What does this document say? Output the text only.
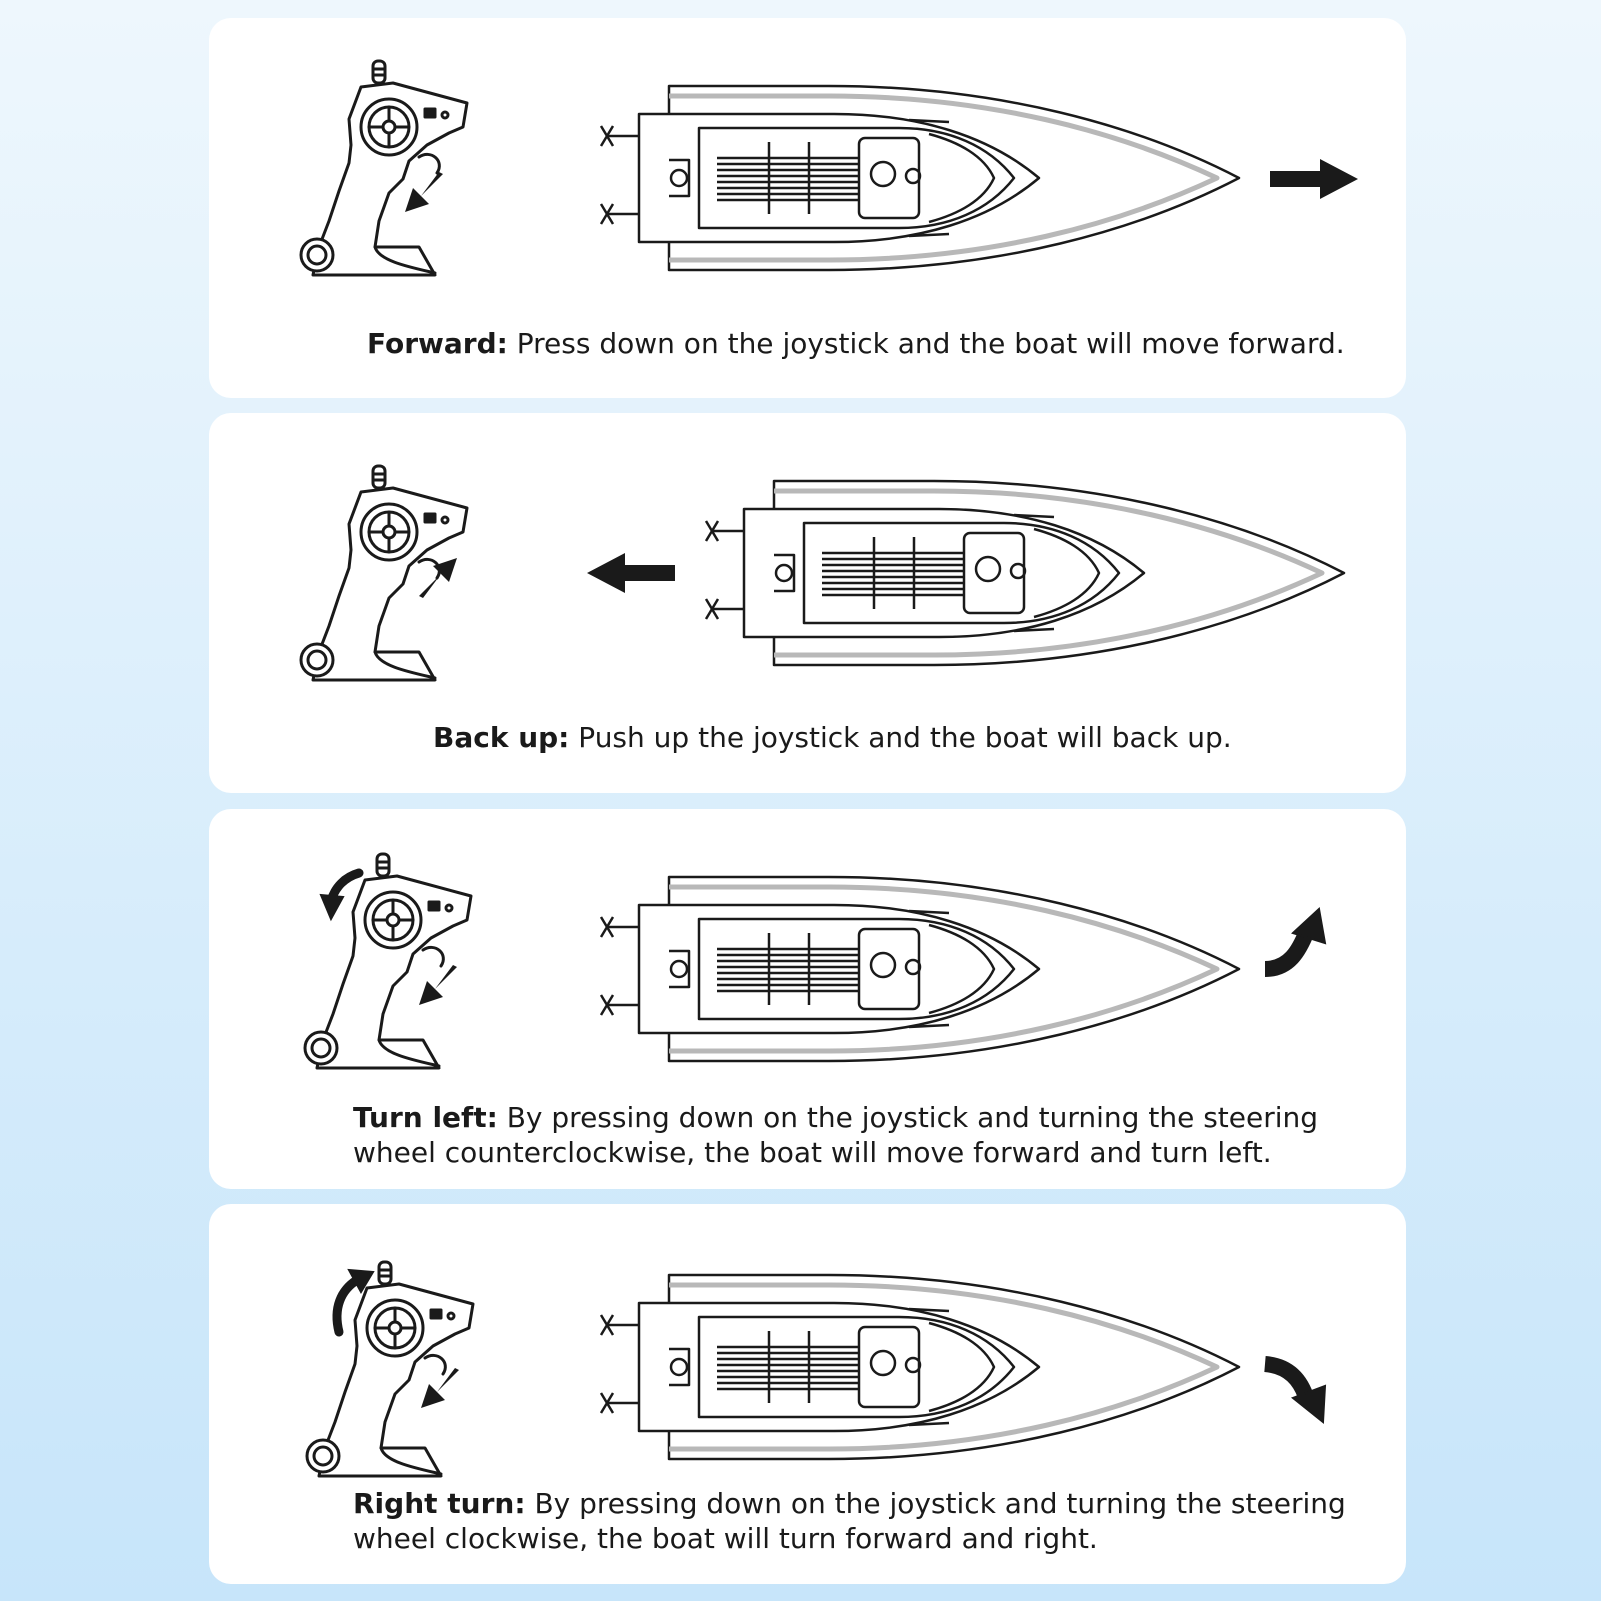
Forward: Press down on the joystick and the boat will move forward.

Back up: Push up the joystick and the boat will back up.

Turn left: By pressing down on the joystick and turning the steering
wheel counterclockwise, the boat will move forward and turn left.

Right turn: By pressing down on the joystick and turning the steering
wheel clockwise, the boat will turn forward and right.
